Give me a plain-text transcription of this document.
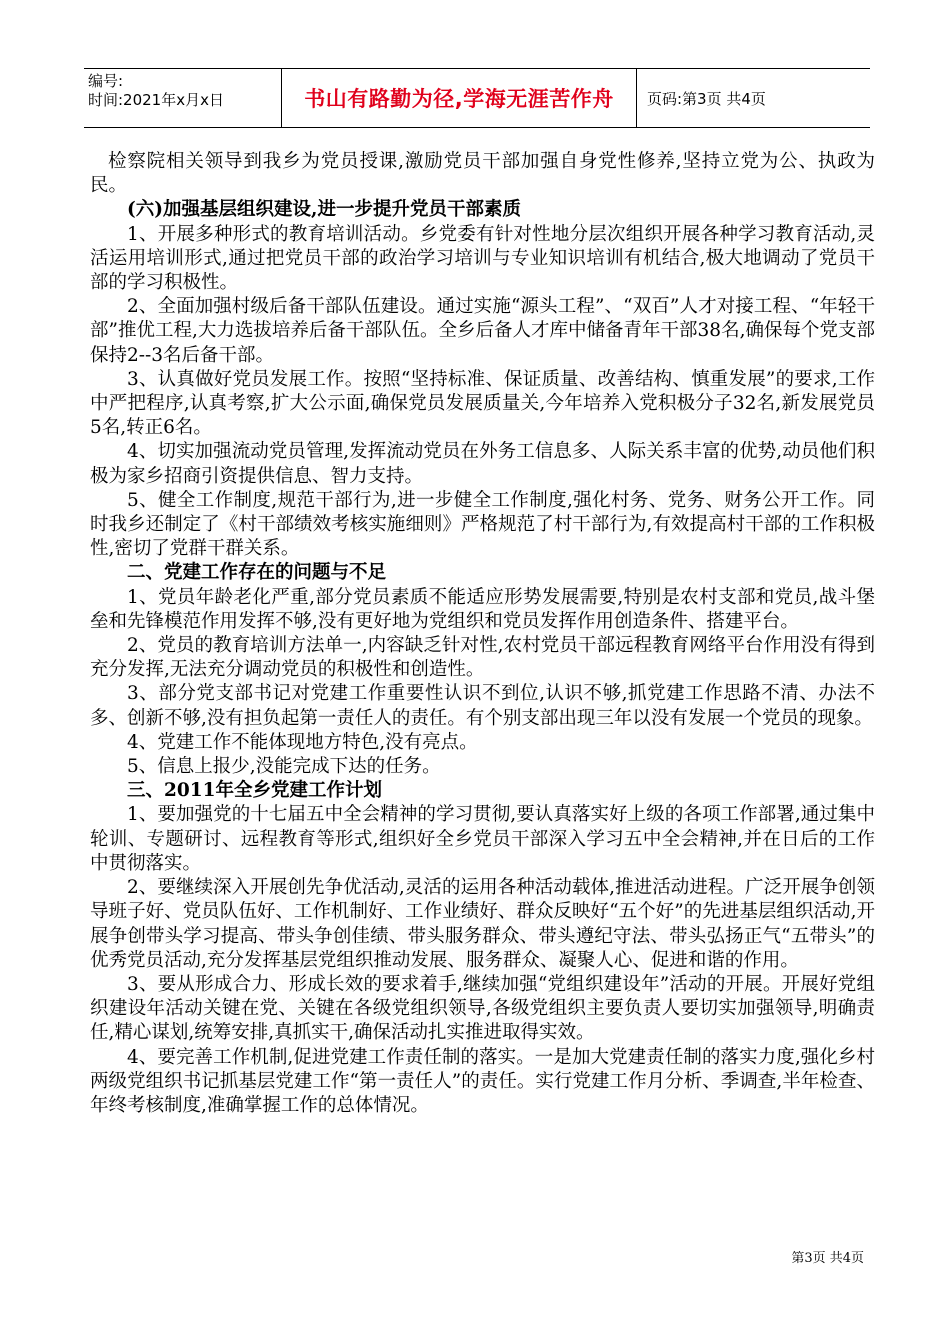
编号:
时间:2021年x月x日	书山有路勤为径,学海无涯苦作舟	页码:第3页 共4页

检察院相关领导到我乡为党员授课,激励党员干部加强自身党性修养,坚持立党为公、执政为民。

(六)加强基层组织建设,进一步提升党员干部素质

1、开展多种形式的教育培训活动。乡党委有针对性地分层次组织开展各种学习教育活动,灵活运用培训形式,通过把党员干部的政治学习培训与专业知识培训有机结合,极大地调动了党员干部的学习积极性。

2、全面加强村级后备干部队伍建设。通过实施“源头工程”、“双百”人才对接工程、“年轻干部”推优工程,大力选拔培养后备干部队伍。全乡后备人才库中储备青年干部38名,确保每个党支部保持2--3名后备干部。

3、认真做好党员发展工作。按照“坚持标准、保证质量、改善结构、慎重发展”的要求,工作中严把程序,认真考察,扩大公示面,确保党员发展质量关,今年培养入党积极分子32名,新发展党员5名,转正6名。

4、切实加强流动党员管理,发挥流动党员在外务工信息多、人际关系丰富的优势,动员他们积极为家乡招商引资提供信息、智力支持。

5、健全工作制度,规范干部行为,进一步健全工作制度,强化村务、党务、财务公开工作。同时我乡还制定了《村干部绩效考核实施细则》严格规范了村干部行为,有效提高村干部的工作积极性,密切了党群干群关系。

二、党建工作存在的问题与不足

1、党员年龄老化严重,部分党员素质不能适应形势发展需要,特别是农村支部和党员,战斗堡垒和先锋模范作用发挥不够,没有更好地为党组织和党员发挥作用创造条件、搭建平台。

2、党员的教育培训方法单一,内容缺乏针对性,农村党员干部远程教育网络平台作用没有得到充分发挥,无法充分调动党员的积极性和创造性。

3、部分党支部书记对党建工作重要性认识不到位,认识不够,抓党建工作思路不清、办法不多、创新不够,没有担负起第一责任人的责任。有个别支部出现三年以没有发展一个党员的现象。

4、党建工作不能体现地方特色,没有亮点。

5、信息上报少,没能完成下达的任务。

三、2011年全乡党建工作计划

1、要加强党的十七届五中全会精神的学习贯彻,要认真落实好上级的各项工作部署,通过集中轮训、专题研讨、远程教育等形式,组织好全乡党员干部深入学习五中全会精神,并在日后的工作中贯彻落实。

2、要继续深入开展创先争优活动,灵活的运用各种活动载体,推进活动进程。广泛开展争创领导班子好、党员队伍好、工作机制好、工作业绩好、群众反映好“五个好”的先进基层组织活动,开展争创带头学习提高、带头争创佳绩、带头服务群众、带头遵纪守法、带头弘扬正气“五带头”的优秀党员活动,充分发挥基层党组织推动发展、服务群众、凝聚人心、促进和谐的作用。

3、要从形成合力、形成长效的要求着手,继续加强“党组织建设年”活动的开展。开展好党组织建设年活动关键在党、关键在各级党组织领导,各级党组织主要负责人要切实加强领导,明确责任,精心谋划,统筹安排,真抓实干,确保活动扎实推进取得实效。

4、要完善工作机制,促进党建工作责任制的落实。一是加大党建责任制的落实力度,强化乡村两级党组织书记抓基层党建工作“第一责任人”的责任。实行党建工作月分析、季调查,半年检查、年终考核制度,准确掌握工作的总体情况。

第3页 共4页
